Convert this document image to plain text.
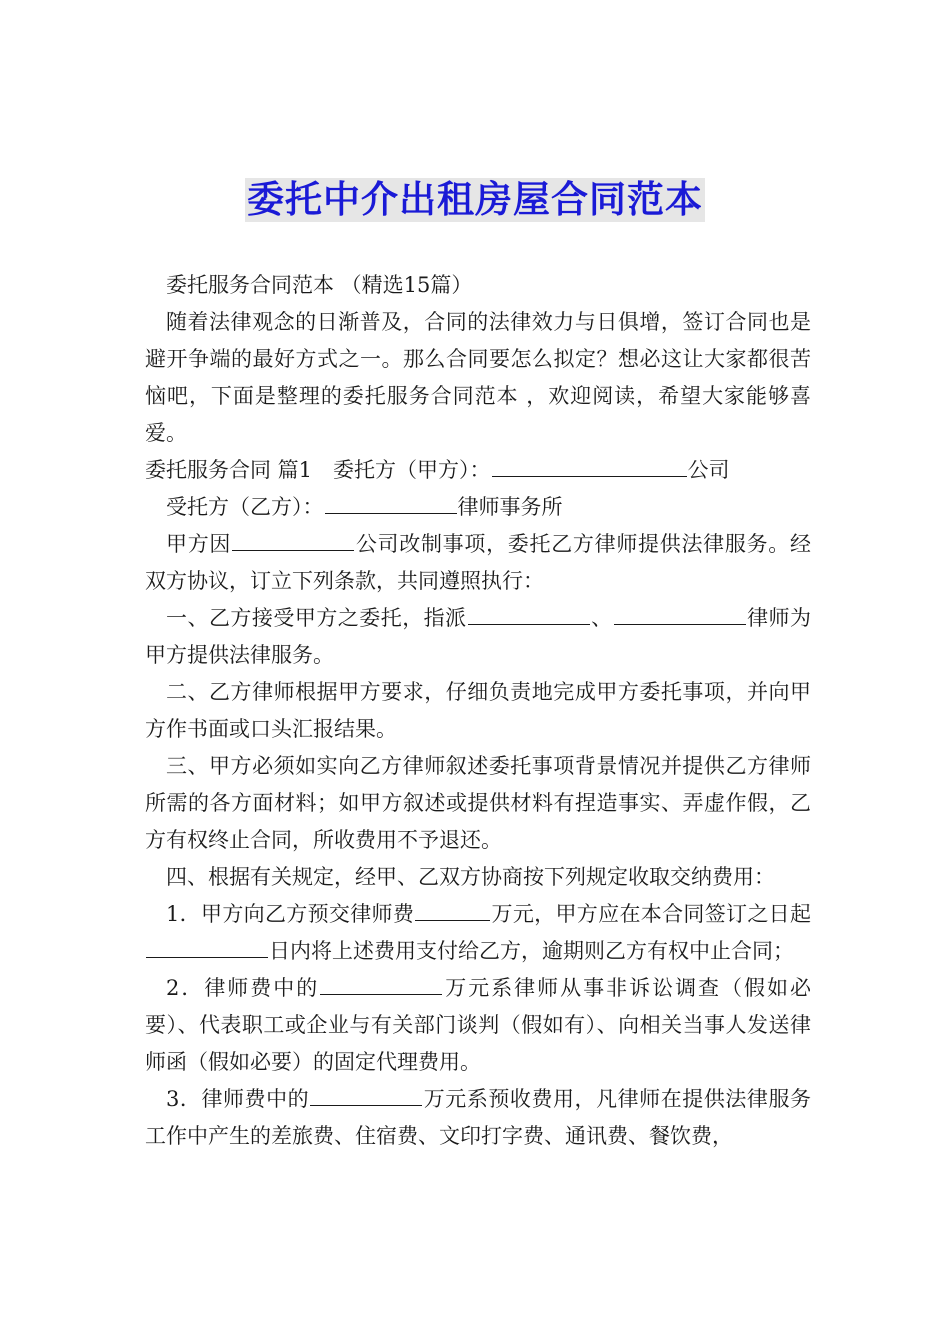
委托中介出租房屋合同范本

委托服务合同范本 （精选15篇）

随着法律观念的日渐普及，合同的法律效力与日俱增，签订合同也是避开争端的最好方式之一。那么合同要怎么拟定？想必这让大家都很苦恼吧，下面是整理的委托服务合同范本 ，欢迎阅读，希望大家能够喜爱。

委托服务合同 篇1　委托方（甲方）：	公司

受托方（乙方）：	律师事务所

甲方因	公司改制事项，委托乙方律师提供法律服务。经双方协议，订立下列条款，共同遵照执行：

一、乙方接受甲方之委托，指派	、	律师为甲方提供法律服务。

二、乙方律师根据甲方要求，仔细负责地完成甲方委托事项，并向甲方作书面或口头汇报结果。

三、甲方必须如实向乙方律师叙述委托事项背景情况并提供乙方律师所需的各方面材料；如甲方叙述或提供材料有捏造事实、弄虚作假，乙方有权终止合同，所收费用不予退还。

四、根据有关规定，经甲、乙双方协商按下列规定收取交纳费用：

1．甲方向乙方预交律师费	万元，甲方应在本合同签订之日起日内将上述费用支付给乙方，逾期则乙方有权中止合同；

2．律师费中的	万元系律师从事非诉讼调查（假如必要）、代表职工或企业与有关部门谈判（假如有）、向相关当事人发送律师函（假如必要）的固定代理费用。

3．律师费中的	万元系预收费用，凡律师在提供法律服务工作中产生的差旅费、住宿费、文印打字费、通讯费、餐饮费，
